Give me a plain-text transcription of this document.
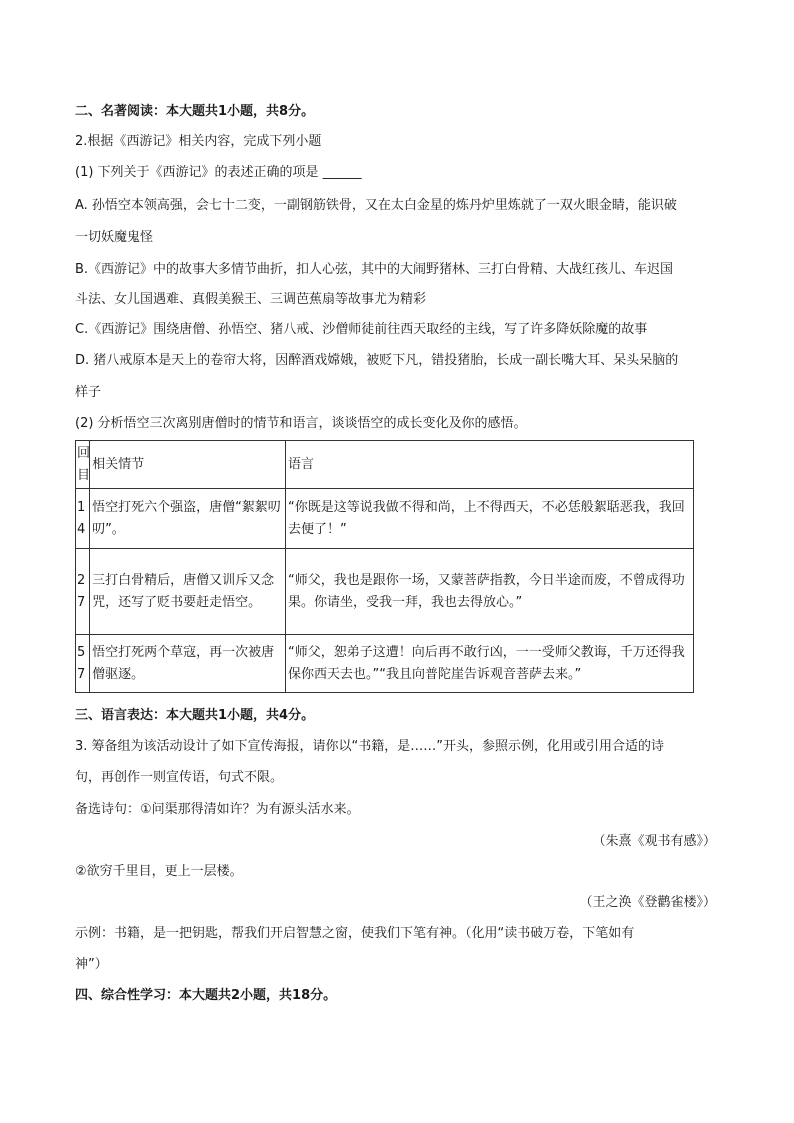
二、名著阅读：本大题共1小题，共8分。
2.根据《西游记》相关内容，完成下列小题
(1) 下列关于《西游记》的表述正确的项是 ______
A. 孙悟空本领高强，会七十二变，一副钢筋铁骨，又在太白金星的炼丹炉里炼就了一双火眼金睛，能识破
一切妖魔鬼怪
B.《西游记》中的故事大多情节曲折，扣人心弦，其中的大闹野猪林、三打白骨精、大战红孩儿、车迟国
斗法、女儿国遇难、真假美猴王、三调芭蕉扇等故事尤为精彩
C.《西游记》围绕唐僧、孙悟空、猪八戒、沙僧师徒前往西天取经的主线，写了许多降妖除魔的故事
D. 猪八戒原本是天上的卷帘大将，因醉酒戏嫦娥，被贬下凡，错投猪胎，长成一副长嘴大耳、呆头呆脑的
样子
(2) 分析悟空三次离别唐僧时的情节和语言，谈谈悟空的成长变化及你的感悟。
回目	相关情节	语言
14	悟空打死六个强盗，唐僧“絮絮叨叨”。	“你既是这等说我做不得和尚，上不得西天，不必恁般絮聒恶我，我回去便了！”
27	三打白骨精后，唐僧又训斥又念咒，还写了贬书要赶走悟空。	“师父，我也是跟你一场，又蒙菩萨指教，今日半途而废，不曾成得功果。你请坐，受我一拜，我也去得放心。”
57	悟空打死两个草寇，再一次被唐僧驱逐。	“师父，恕弟子这遭！向后再不敢行凶，一一受师父教诲，千万还得我保你西天去也。”“我且向普陀崖告诉观音菩萨去来。”
三、语言表达：本大题共1小题，共4分。
3. 筹备组为该活动设计了如下宣传海报，请你以“书籍，是……”开头，参照示例，化用或引用合适的诗
句，再创作一则宣传语，句式不限。
备选诗句：①问渠那得清如许？为有源头活水来。
（朱熹《观书有感》）
②欲穷千里目，更上一层楼。
（王之涣《登鹳雀楼》）
示例：书籍，是一把钥匙，帮我们开启智慧之窗，使我们下笔有神。（化用“读书破万卷，下笔如有
神”）
四、综合性学习：本大题共2小题，共18分。
